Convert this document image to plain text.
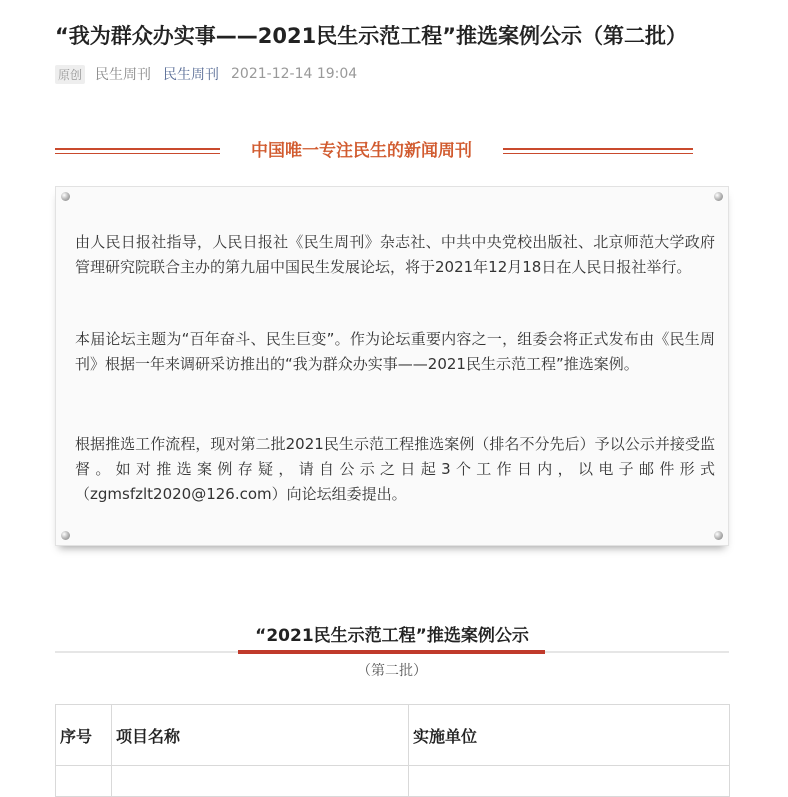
“我为群众办实事——2021民生示范工程”推选案例公示（第二批）
原创 民生周刊 民生周刊 2021-12-14 19:04
中国唯一专注民生的新闻周刊
由人民日报社指导，人民日报社《民生周刊》杂志社、中共中央党校出版社、北京师范大学政府管理研究院联合主办的第九届中国民生发展论坛，将于2021年12月18日在人民日报社举行。
本届论坛主题为“百年奋斗、民生巨变”。作为论坛重要内容之一，组委会将正式发布由《民生周刊》根据一年来调研采访推出的“我为群众办实事——2021民生示范工程”推选案例。
根据推选工作流程，现对第二批2021民生示范工程推选案例（排名不分先后）予以公示并接受监督。如对推选案例存疑，请自公示之日起3个工作日内，以电子邮件形式（zgmsfzlt2020@126.com）向论坛组委提出。
“2021民生示范工程”推选案例公示
（第二批）
序号	项目名称	实施单位
